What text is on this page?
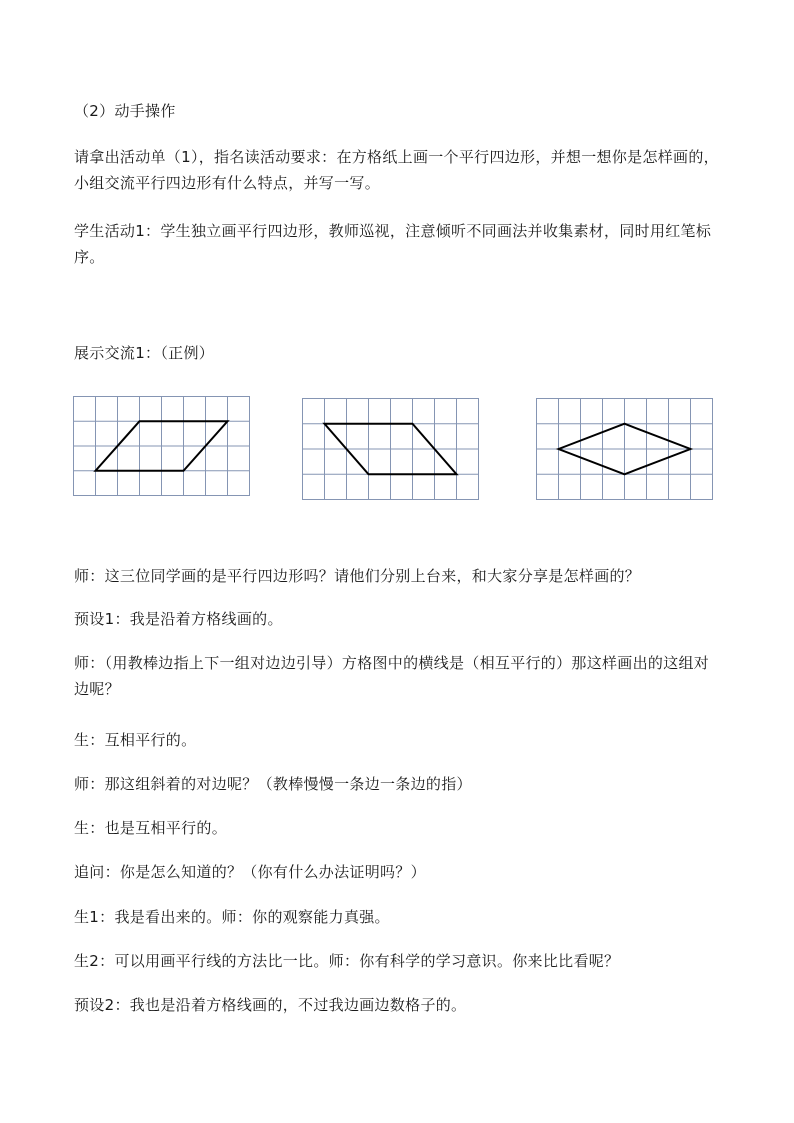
（2）动手操作

请拿出活动单（1），指名读活动要求：在方格纸上画一个平行四边形，并想一想你是怎样画的，小组交流平行四边形有什么特点，并写一写。

学生活动1：学生独立画平行四边形，教师巡视，注意倾听不同画法并收集素材，同时用红笔标序。

展示交流1：（正例）

师：这三位同学画的是平行四边形吗？请他们分别上台来，和大家分享是怎样画的？

预设1：我是沿着方格线画的。

师：（用教棒边指上下一组对边边引导）方格图中的横线是（相互平行的）那这样画出的这组对边呢？

生：互相平行的。

师：那这组斜着的对边呢？（教棒慢慢一条边一条边的指）

生：也是互相平行的。

追问：你是怎么知道的？（你有什么办法证明吗？）

生1：我是看出来的。师：你的观察能力真强。

生2：可以用画平行线的方法比一比。师：你有科学的学习意识。你来比比看呢？

预设2：我也是沿着方格线画的，不过我边画边数格子的。
